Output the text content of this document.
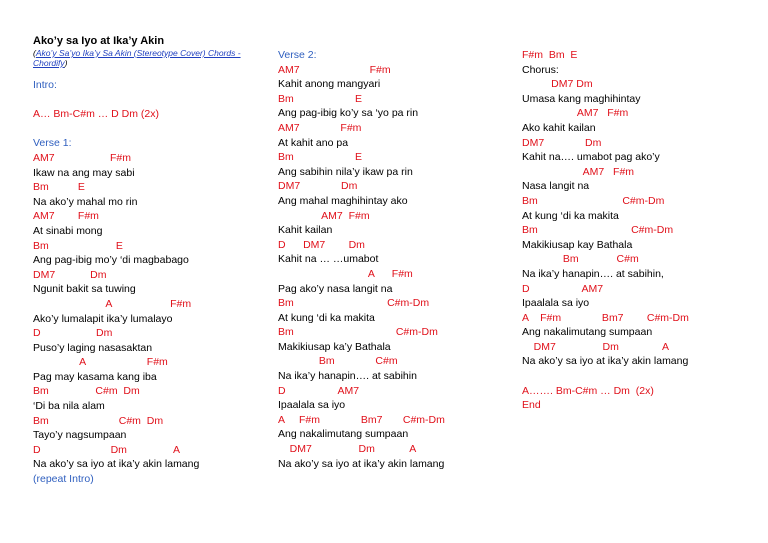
Ako’y sa Iyo at Ika’y Akin
(Ako’y Sa’yo Ika’y Sa Akin (Stereotype Cover) Chords - Chordify)
Intro:
A… Bm-C#m … D Dm (2x)
Verse 1:
AM7                   F#m
Ikaw na ang may sabi
Bm          E
Na ako’y mahal mo rin
AM7        F#m
At sinabi mong
Bm                       E
Ang pag-ibig mo’y ‘di magbabago
DM7            Dm
Ngunit bakit sa tuwing
A                    F#m
Ako’y lumalapit ika’y lumalayo
D                   Dm
Puso’y laging nasasaktan
A                     F#m
Pag may kasama kang iba
Bm                C#m  Dm
‘Di ba nila alam
Bm                        C#m  Dm
Tayo’y nagsumpaan
D                        Dm                A
Na ako’y sa iyo at ika’y akin lamang
(repeat Intro)
Verse 2:
AM7                        F#m
Kahit anong mangyari
Bm                     E
Ang pag-ibig ko’y sa ‘yo pa rin
AM7              F#m
At kahit ano pa
Bm                     E
Ang sabihin nila’y ikaw pa rin
DM7              Dm
Ang mahal maghihintay ako
AM7  F#m
Kahit kailan
D      DM7        Dm
Kahit na … …umabot
A      F#m
Pag ako’y nasa langit na
Bm                                C#m-Dm
At kung ‘di ka makita
Bm                                   C#m-Dm
Makikiusap ka’y Bathala
Bm              C#m
Na ika’y hanapin…. at sabihin
D                  AM7
Ipaalala sa iyo
A     F#m              Bm7       C#m-Dm
Ang nakalimutang sumpaan
DM7                Dm            A
Na ako’y sa iyo at ika’y akin lamang
F#m  Bm  E
Chorus:
DM7 Dm
Umasa kang maghihintay
AM7   F#m
Ako kahit kailan
DM7              Dm
Kahit na…. umabot pag ako’y
AM7   F#m
Nasa langit na
Bm                             C#m-Dm
At kung ‘di ka makita
Bm                                C#m-Dm
Makikiusap kay Bathala
Bm             C#m
Na ika’y hanapin…. at sabihin,
D                  AM7
Ipaalala sa iyo
A    F#m              Bm7        C#m-Dm
Ang nakalimutang sumpaan
DM7                Dm               A
Na ako’y sa iyo at ika’y akin lamang
A……. Bm-C#m … Dm  (2x)
End
